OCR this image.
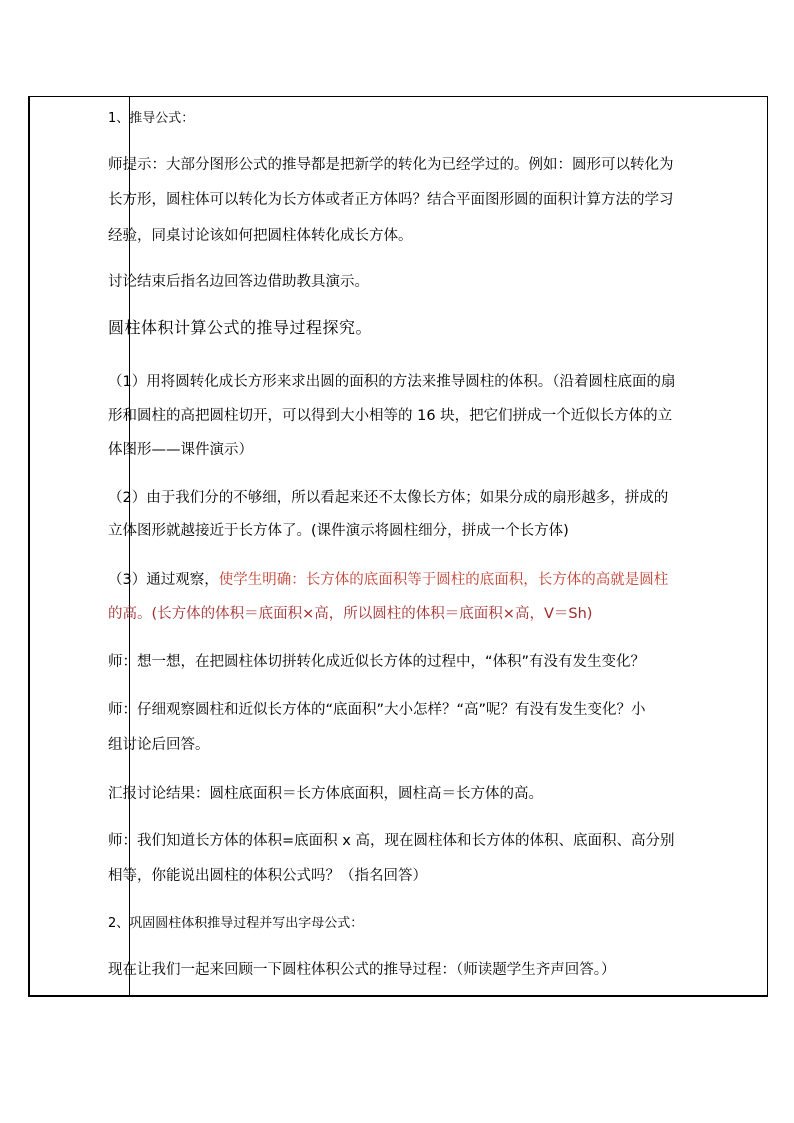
1、推导公式：
师提示：大部分图形公式的推导都是把新学的转化为已经学过的。例如：圆形可以转化为
长方形，圆柱体可以转化为长方体或者正方体吗？结合平面图形圆的面积计算方法的学习
经验，同桌讨论该如何把圆柱体转化成长方体。
讨论结束后指名边回答边借助教具演示。
圆柱体积计算公式的推导过程探究。
（1）用将圆转化成长方形来求出圆的面积的方法来推导圆柱的体积。（沿着圆柱底面的扇
形和圆柱的高把圆柱切开，可以得到大小相等的 16 块，把它们拼成一个近似长方体的立
体图形——课件演示）
（2）由于我们分的不够细，所以看起来还不太像长方体；如果分成的扇形越多，拼成的
立体图形就越接近于长方体了。(课件演示将圆柱细分，拼成一个长方体)
（3）通过观察，使学生明确：长方体的底面积等于圆柱的底面积，长方体的高就是圆柱
的高。(长方体的体积＝底面积×高，所以圆柱的体积＝底面积×高，V＝Sh)
师：想一想，在把圆柱体切拼转化成近似长方体的过程中，“体积”有没有发生变化？
师：仔细观察圆柱和近似长方体的“底面积”大小怎样？“高”呢？有没有发生变化？小
组讨论后回答。
汇报讨论结果：圆柱底面积＝长方体底面积，圆柱高＝长方体的高。
师：我们知道长方体的体积=底面积 x 高，现在圆柱体和长方体的体积、底面积、高分别
相等，你能说出圆柱的体积公式吗？（指名回答）
2、巩固圆柱体积推导过程并写出字母公式：
现在让我们一起来回顾一下圆柱体积公式的推导过程：（师读题学生齐声回答。）
